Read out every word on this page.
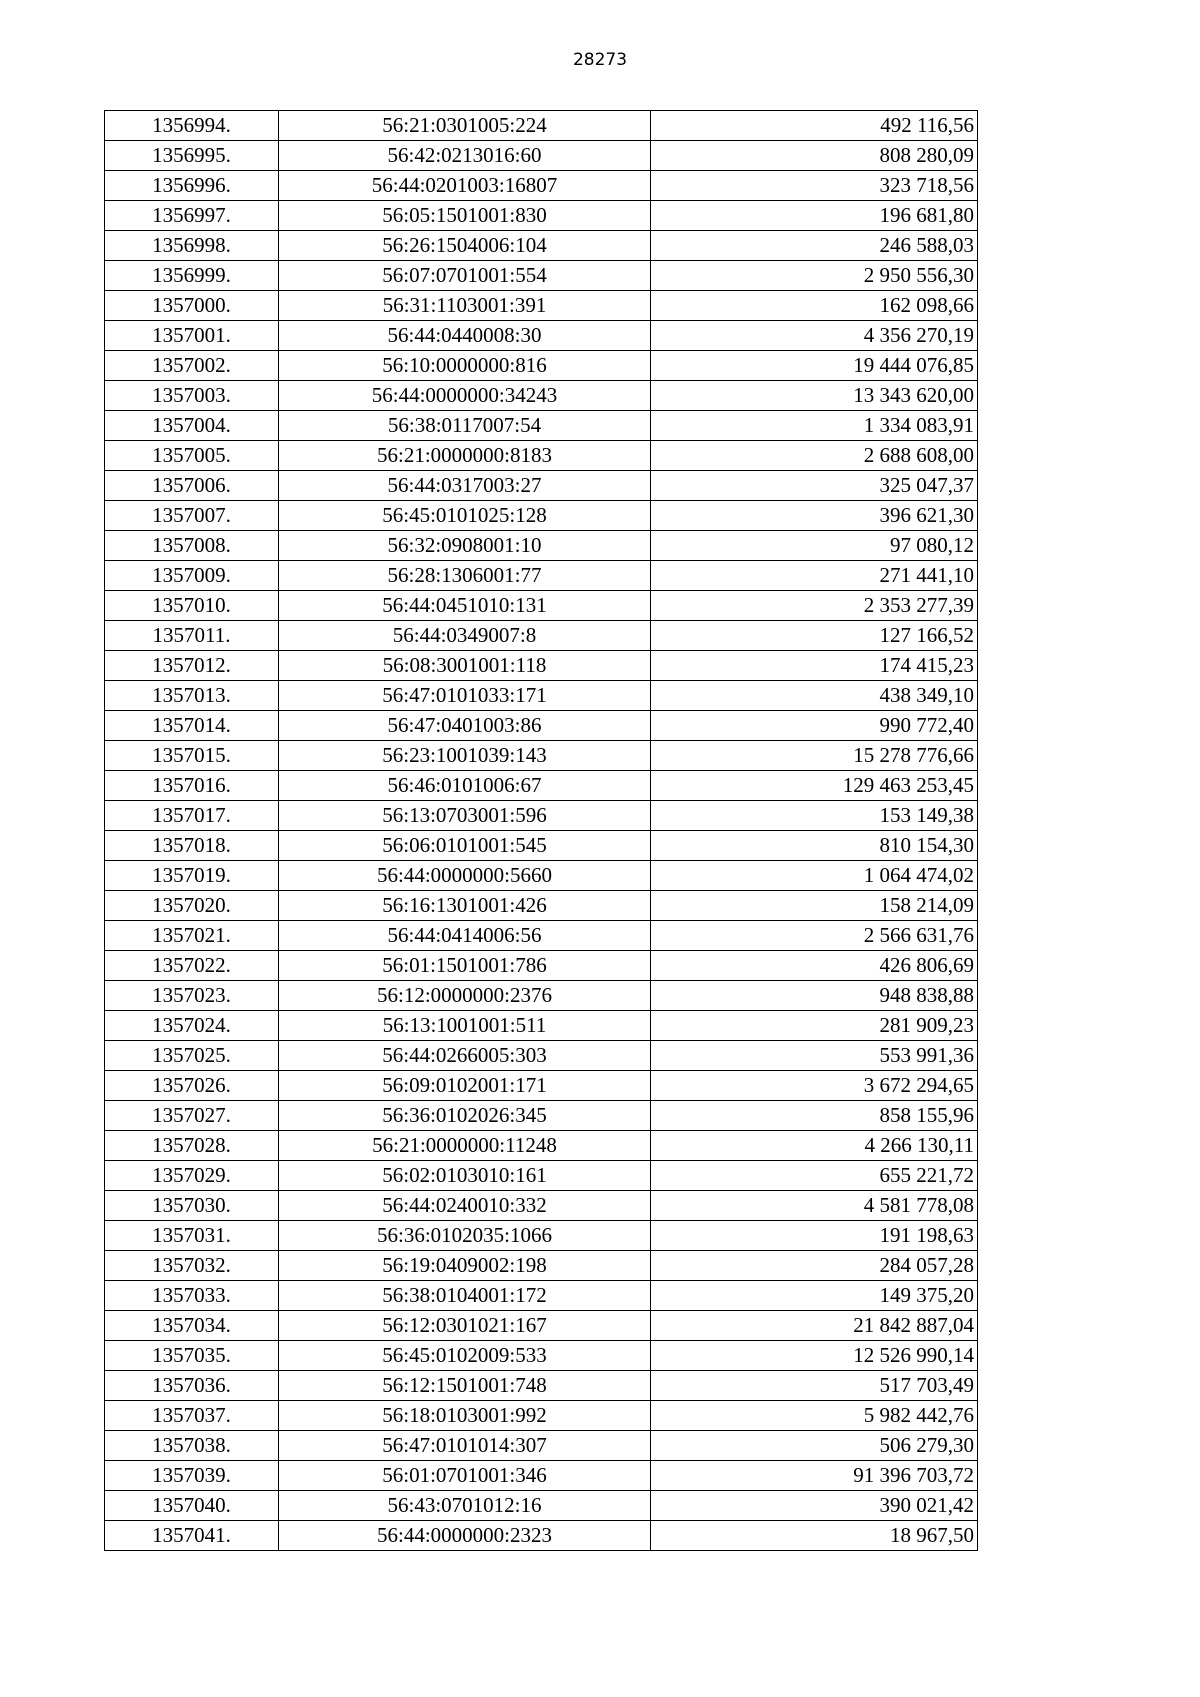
28273
1356994.	56:21:0301005:224	492 116,56
1356995.	56:42:0213016:60	808 280,09
1356996.	56:44:0201003:16807	323 718,56
1356997.	56:05:1501001:830	196 681,80
1356998.	56:26:1504006:104	246 588,03
1356999.	56:07:0701001:554	2 950 556,30
1357000.	56:31:1103001:391	162 098,66
1357001.	56:44:0440008:30	4 356 270,19
1357002.	56:10:0000000:816	19 444 076,85
1357003.	56:44:0000000:34243	13 343 620,00
1357004.	56:38:0117007:54	1 334 083,91
1357005.	56:21:0000000:8183	2 688 608,00
1357006.	56:44:0317003:27	325 047,37
1357007.	56:45:0101025:128	396 621,30
1357008.	56:32:0908001:10	97 080,12
1357009.	56:28:1306001:77	271 441,10
1357010.	56:44:0451010:131	2 353 277,39
1357011.	56:44:0349007:8	127 166,52
1357012.	56:08:3001001:118	174 415,23
1357013.	56:47:0101033:171	438 349,10
1357014.	56:47:0401003:86	990 772,40
1357015.	56:23:1001039:143	15 278 776,66
1357016.	56:46:0101006:67	129 463 253,45
1357017.	56:13:0703001:596	153 149,38
1357018.	56:06:0101001:545	810 154,30
1357019.	56:44:0000000:5660	1 064 474,02
1357020.	56:16:1301001:426	158 214,09
1357021.	56:44:0414006:56	2 566 631,76
1357022.	56:01:1501001:786	426 806,69
1357023.	56:12:0000000:2376	948 838,88
1357024.	56:13:1001001:511	281 909,23
1357025.	56:44:0266005:303	553 991,36
1357026.	56:09:0102001:171	3 672 294,65
1357027.	56:36:0102026:345	858 155,96
1357028.	56:21:0000000:11248	4 266 130,11
1357029.	56:02:0103010:161	655 221,72
1357030.	56:44:0240010:332	4 581 778,08
1357031.	56:36:0102035:1066	191 198,63
1357032.	56:19:0409002:198	284 057,28
1357033.	56:38:0104001:172	149 375,20
1357034.	56:12:0301021:167	21 842 887,04
1357035.	56:45:0102009:533	12 526 990,14
1357036.	56:12:1501001:748	517 703,49
1357037.	56:18:0103001:992	5 982 442,76
1357038.	56:47:0101014:307	506 279,30
1357039.	56:01:0701001:346	91 396 703,72
1357040.	56:43:0701012:16	390 021,42
1357041.	56:44:0000000:2323	18 967,50
